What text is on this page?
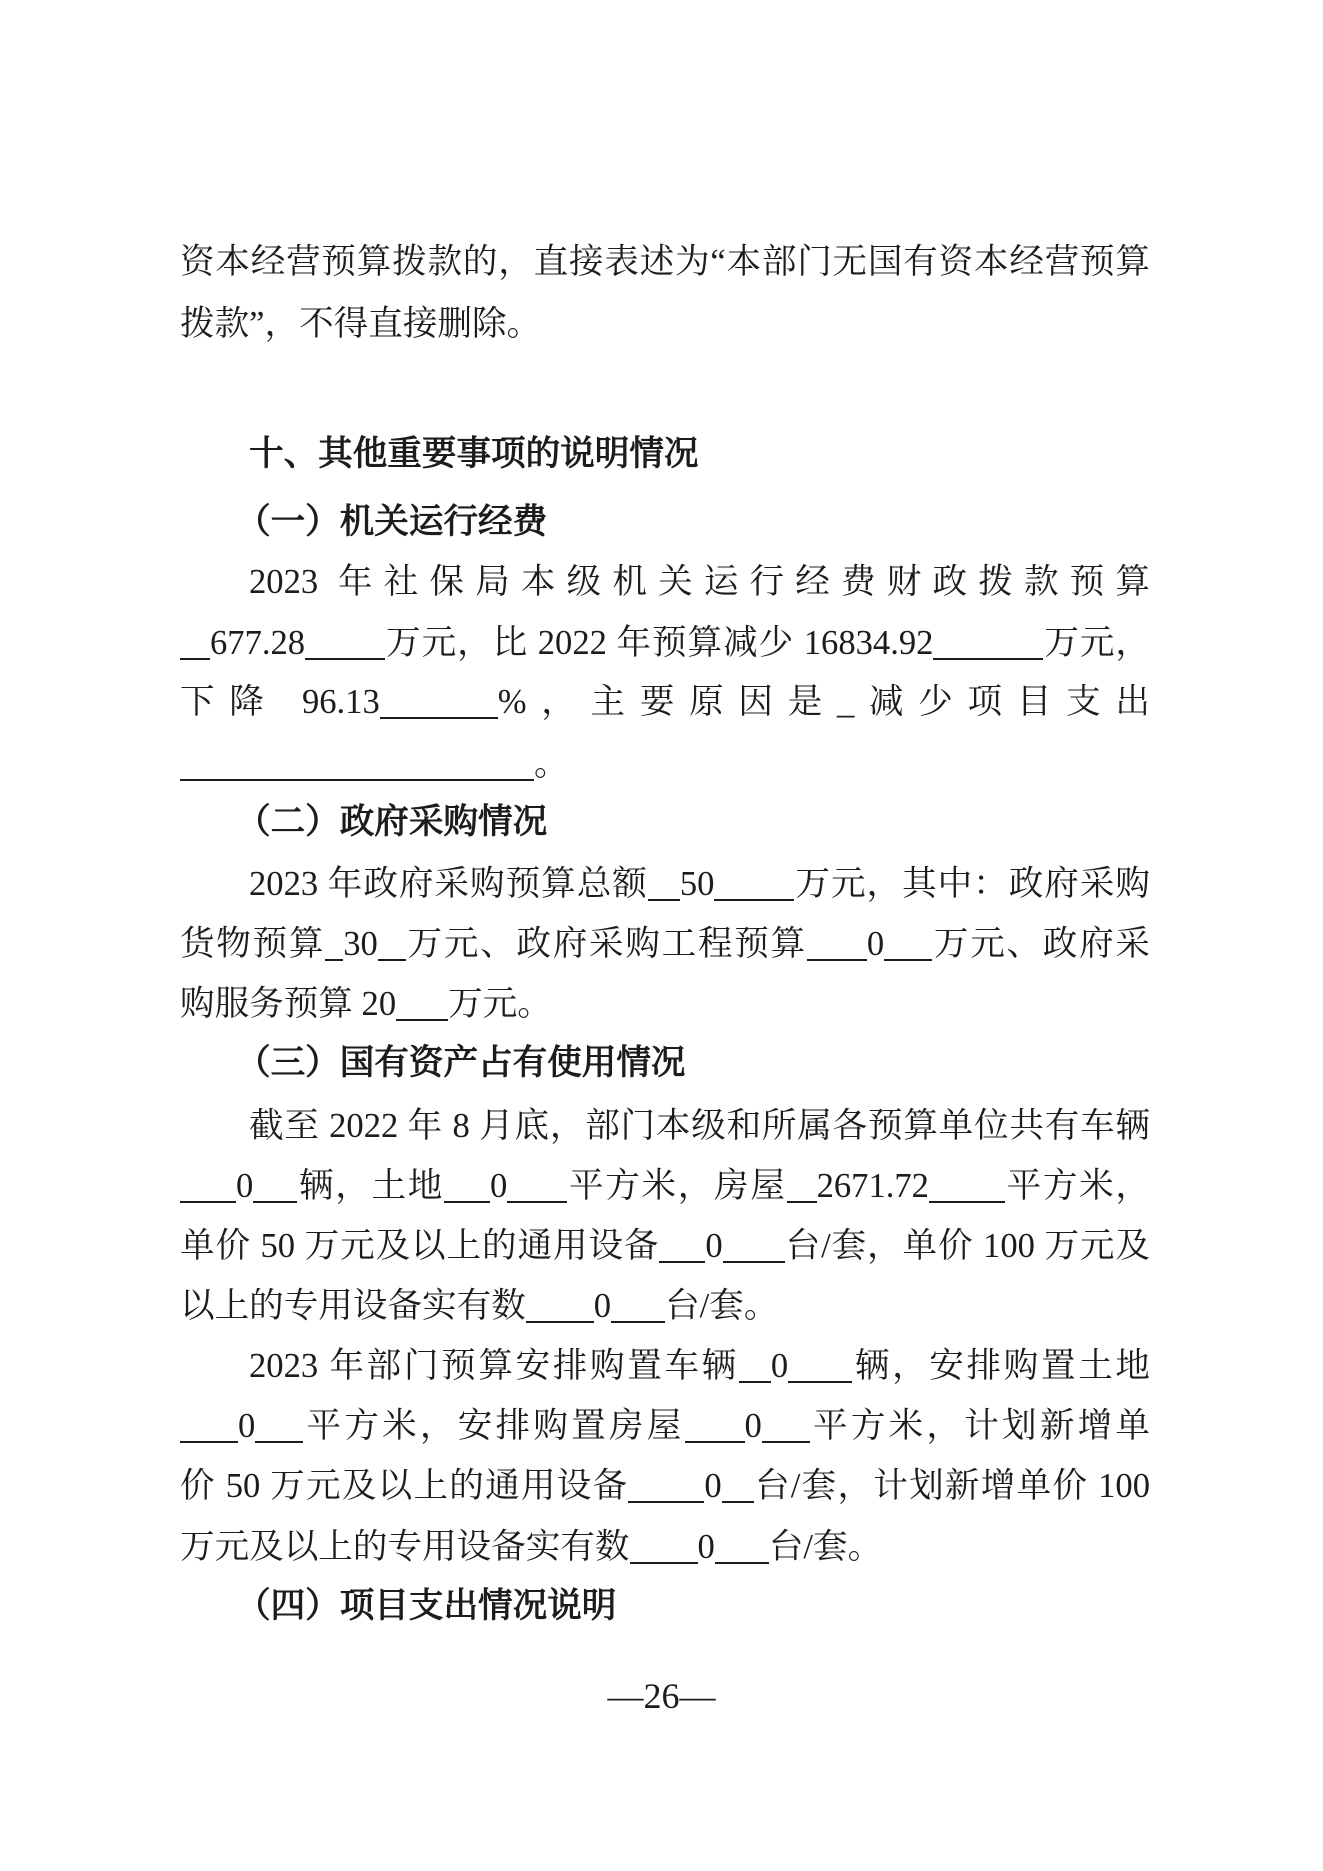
资本经营预算拨款的，直接表述为“本部门无国有资本经营预算
拨款”，不得直接删除。
十、其他重要事项的说明情况
（一）机关运行经费
2023 年社保局本级机关运行经费财政拨款预算
677.28 万元，比 2022 年预算减少 16834.92	万元，
下降 96.13	%，主要原因是_减少项目支出
。
（二）政府采购情况
2023 年政府采购预算总额 50 万元，其中：政府采购
货物预算 30 万元、政府采购工程预算 0 万元、政府采
购服务预算 20 万元。
（三）国有资产占有使用情况
截至 2022 年 8 月底，部门本级和所属各预算单位共有车辆
0 辆，土地 0 平方米，房屋 2671.72 平方米，
单价 50 万元及以上的通用设备 0 台/套，单价 100 万元及
以上的专用设备实有数 0 台/套。
2023 年部门预算安排购置车辆 0 辆，安排购置土地
0 平方米，安排购置房屋 0 平方米，计划新增单
价 50 万元及以上的通用设备 0 台/套，计划新增单价 100
万元及以上的专用设备实有数 0 台/套。
（四）项目支出情况说明
—26—
